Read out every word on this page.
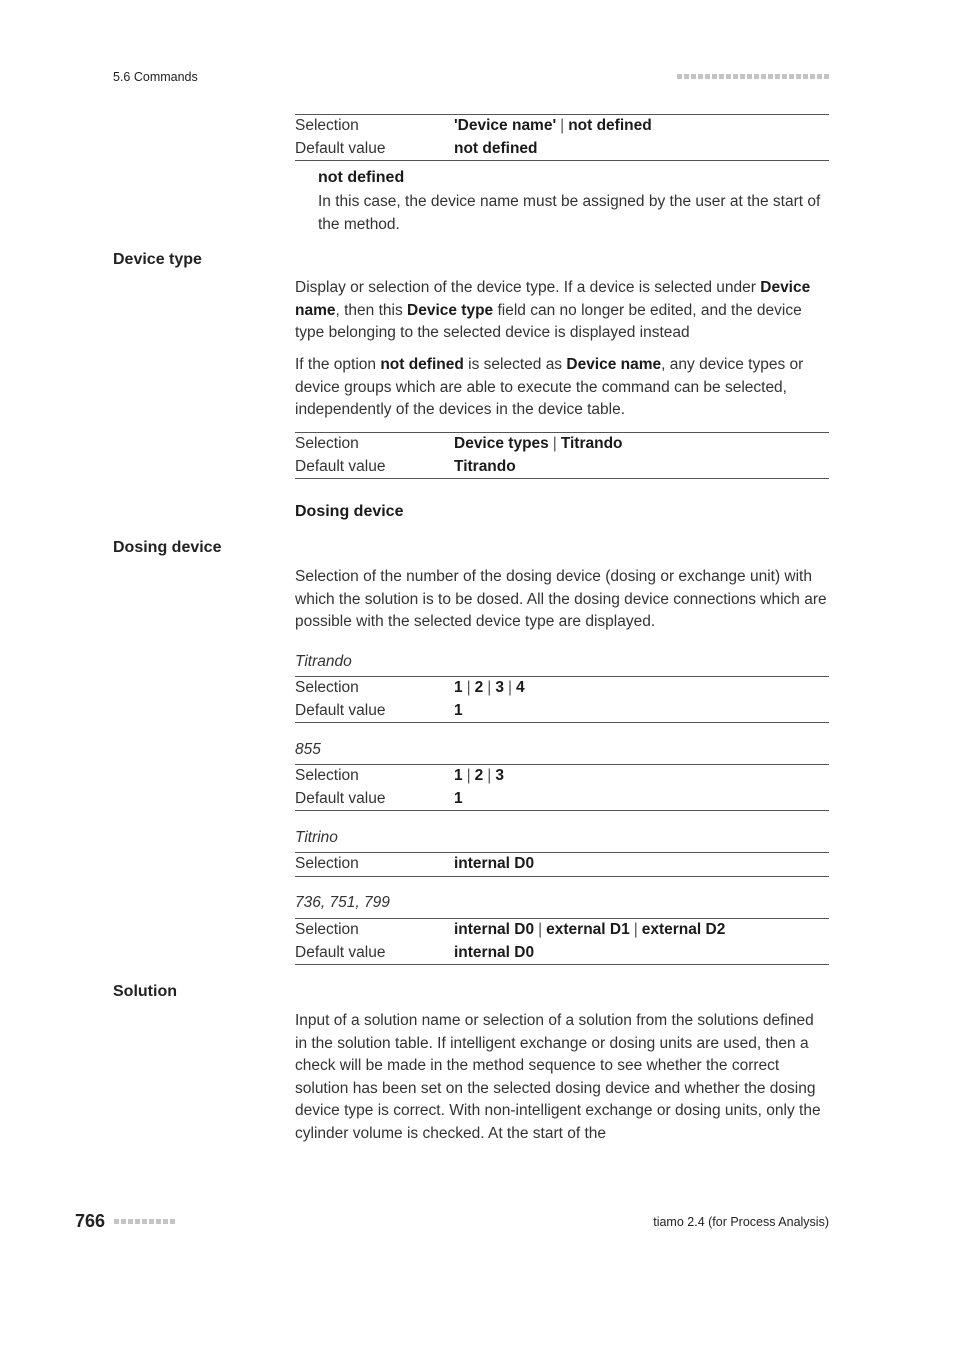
5.6 Commands
Selection	'Device name' | not defined
Default value	not defined
not defined
In this case, the device name must be assigned by the user at the start of the method.
Device type
Display or selection of the device type. If a device is selected under Device name, then this Device type field can no longer be edited, and the device type belonging to the selected device is displayed instead
If the option not defined is selected as Device name, any device types or device groups which are able to execute the command can be selected, independently of the devices in the device table.
Selection	Device types | Titrando
Default value	Titrando
Dosing device
Dosing device
Selection of the number of the dosing device (dosing or exchange unit) with which the solution is to be dosed. All the dosing device connections which are possible with the selected device type are displayed.
Titrando
Selection	1 | 2 | 3 | 4
Default value	1
855
Selection	1 | 2 | 3
Default value	1
Titrino
Selection	internal D0
736, 751, 799
Selection	internal D0 | external D1 | external D2
Default value	internal D0
Solution
Input of a solution name or selection of a solution from the solutions defined in the solution table. If intelligent exchange or dosing units are used, then a check will be made in the method sequence to see whether the correct solution has been set on the selected dosing device and whether the dosing device type is correct. With non-intelligent exchange or dosing units, only the cylinder volume is checked. At the start of the
766	tiamo 2.4 (for Process Analysis)
